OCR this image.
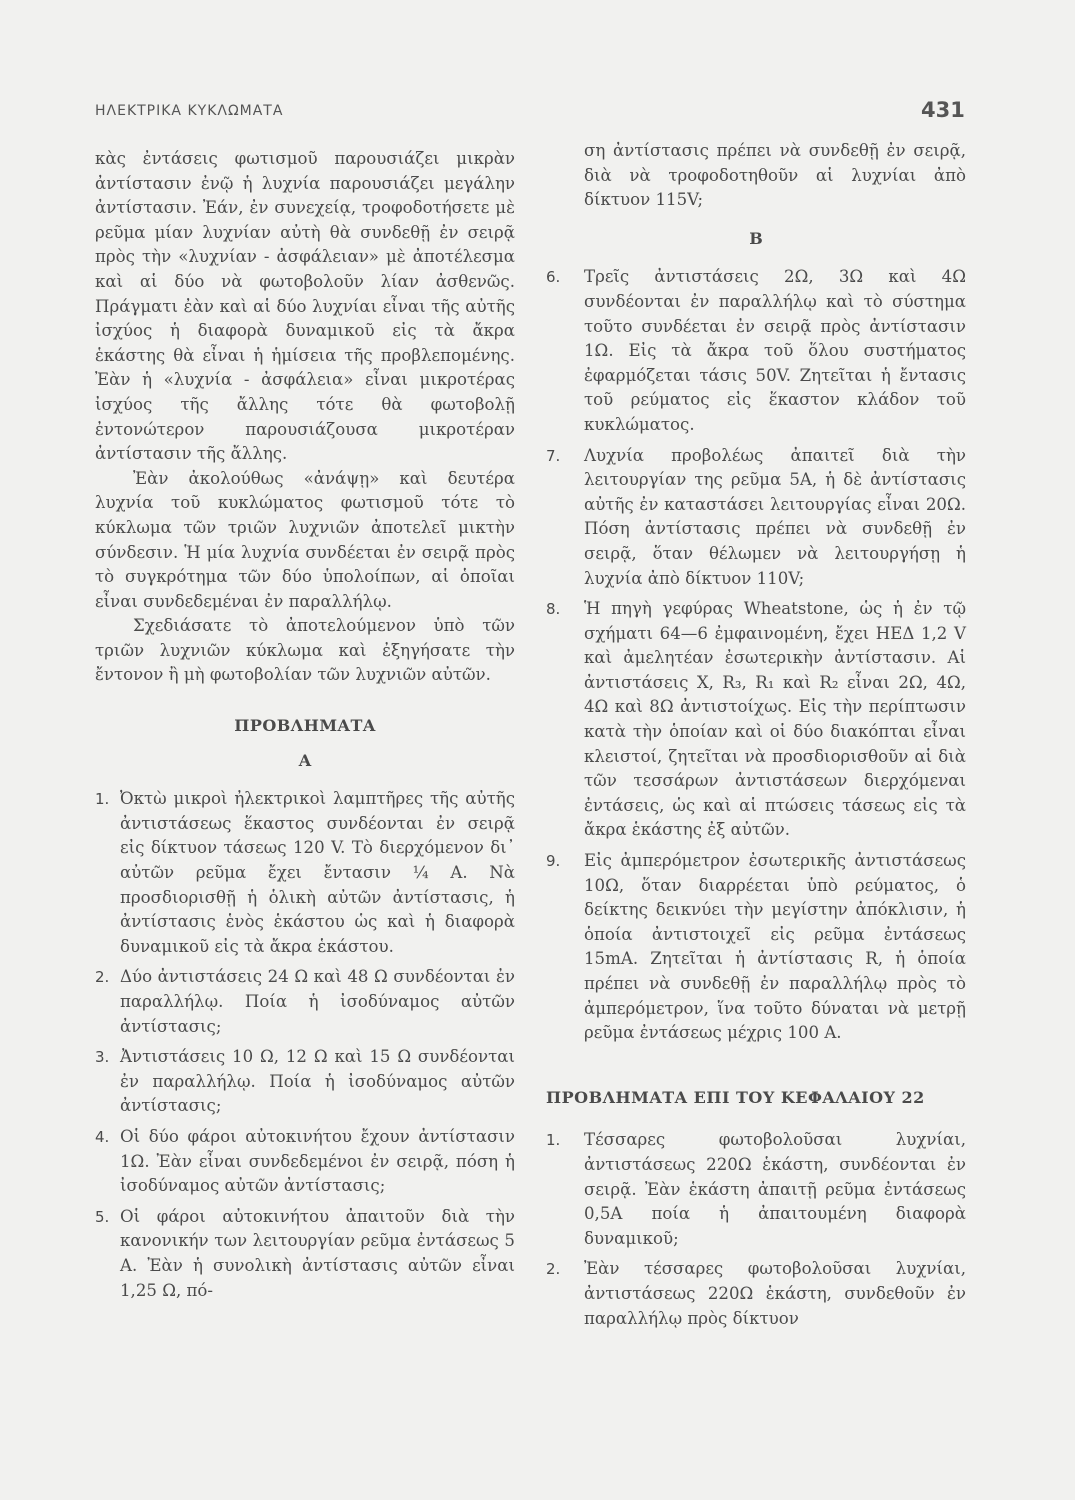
ΗΛΕΚΤΡΙΚΑ ΚΥΚΛΩΜΑΤΑ	431

κὰς ἐντάσεις φωτισμοῦ παρουσιάζει μικρὰν ἀντίστασιν ἐνῷ ἡ λυχνία παρουσιάζει μεγάλην ἀντίστασιν. Ἐάν, ἐν συνεχείᾳ, τροφοδοτήσετε μὲ ρεῦμα μίαν λυχνίαν αὐτὴ θὰ συνδεθῇ ἐν σειρᾷ πρὸς τὴν «λυχνίαν - ἀσφάλειαν» μὲ ἀποτέλεσμα καὶ αἱ δύο νὰ φωτοβολοῦν λίαν ἀσθενῶς. Πράγματι ἐὰν καὶ αἱ δύο λυχνίαι εἶναι τῆς αὐτῆς ἰσχύος ἡ διαφορὰ δυναμικοῦ εἰς τὰ ἄκρα ἑκάστης θὰ εἶναι ἡ ἡμίσεια τῆς προβλεπομένης. Ἐὰν ἡ «λυχνία - ἀσφάλεια» εἶναι μικροτέρας ἰσχύος τῆς ἄλλης τότε θὰ φωτοβολῇ ἐντονώτερον παρουσιάζουσα μικροτέραν ἀντίστασιν τῆς ἄλλης.

Ἐὰν ἀκολούθως «ἀνάψῃ» καὶ δευτέρα λυχνία τοῦ κυκλώματος φωτισμοῦ τότε τὸ κύκλωμα τῶν τριῶν λυχνιῶν ἀποτελεῖ μικτὴν σύνδεσιν. Ἡ μία λυχνία συνδέεται ἐν σειρᾷ πρὸς τὸ συγκρότημα τῶν δύο ὑπολοίπων, αἱ ὁποῖαι εἶναι συνδεδεμέναι ἐν παραλλήλῳ.

Σχεδιάσατε τὸ ἀποτελούμενον ὑπὸ τῶν τριῶν λυχνιῶν κύκλωμα καὶ ἐξηγήσατε τὴν ἔντονον ἢ μὴ φωτοβολίαν τῶν λυχνιῶν αὐτῶν.

ΠΡΟΒΛΗΜΑΤΑ

Α

1. Ὀκτὼ μικροὶ ἠλεκτρικοὶ λαμπτῆρες τῆς αὐτῆς ἀντιστάσεως ἕκαστος συνδέονται ἐν σειρᾷ εἰς δίκτυον τάσεως 120 V. Τὸ διερχόμενον δι᾿ αὐτῶν ρεῦμα ἔχει ἔντασιν ¼ Α. Νὰ προσδιορισθῇ ἡ ὁλικὴ αὐτῶν ἀντίστασις, ἡ ἀντίστασις ἑνὸς ἑκάστου ὡς καὶ ἡ διαφορὰ δυναμικοῦ εἰς τὰ ἄκρα ἑκάστου.
2. Δύο ἀντιστάσεις 24 Ω καὶ 48 Ω συνδέονται ἐν παραλλήλῳ. Ποία ἡ ἰσοδύναμος αὐτῶν ἀντίστασις;
3. Ἀντιστάσεις 10 Ω, 12 Ω καὶ 15 Ω συνδέονται ἐν παραλλήλῳ. Ποία ἡ ἰσοδύναμος αὐτῶν ἀντίστασις;
4. Οἱ δύο φάροι αὐτοκινήτου ἔχουν ἀντίστασιν 1Ω. Ἐὰν εἶναι συνδεδεμένοι ἐν σειρᾷ, πόση ἡ ἰσοδύναμος αὐτῶν ἀντίστασις;
5. Οἱ φάροι αὐτοκινήτου ἀπαιτοῦν διὰ τὴν κανονικήν των λειτουργίαν ρεῦμα ἐντάσεως 5 Α. Ἐὰν ἡ συνολικὴ ἀντίστασις αὐτῶν εἶναι 1,25 Ω, πό-

ση ἀντίστασις πρέπει νὰ συνδεθῇ ἐν σειρᾷ, διὰ νὰ τροφοδοτηθοῦν αἱ λυχνίαι ἀπὸ δίκτυον 115V;

Β

6.	Τρεῖς ἀντιστάσεις 2Ω, 3Ω καὶ 4Ω συνδέονται ἐν παραλλήλῳ καὶ τὸ σύστημα τοῦτο συνδέεται ἐν σειρᾷ πρὸς ἀντίστασιν 1Ω. Εἰς τὰ ἄκρα τοῦ ὅλου συστήματος ἐφαρμόζεται τάσις 50V. Ζητεῖται ἡ ἔντασις τοῦ ρεύματος εἰς ἕκαστον κλάδον τοῦ κυκλώματος.
7.	Λυχνία προβολέως ἀπαιτεῖ διὰ τὴν λειτουργίαν της ρεῦμα 5Α, ἡ δὲ ἀντίστασις αὐτῆς ἐν καταστάσει λειτουργίας εἶναι 20Ω. Πόση ἀντίστασις πρέπει νὰ συνδεθῇ ἐν σειρᾷ, ὅταν θέλωμεν νὰ λειτουργήσῃ ἡ λυχνία ἀπὸ δίκτυον 110V;
8.	Ἡ πηγὴ γεφύρας Wheatstone, ὡς ἡ ἐν τῷ σχήματι 64—6 ἐμφαινομένη, ἔχει ΗΕΔ 1,2 V καὶ ἀμελητέαν ἐσωτερικὴν ἀντίστασιν. Αἱ ἀντιστάσεις Χ, R₃, R₁ καὶ R₂ εἶναι 2Ω, 4Ω, 4Ω καὶ 8Ω ἀντιστοίχως. Εἰς τὴν περίπτωσιν κατὰ τὴν ὁποίαν καὶ οἱ δύο διακόπται εἶναι κλειστοί, ζητεῖται νὰ προσδιορισθοῦν αἱ διὰ τῶν τεσσάρων ἀντιστάσεων διερχόμεναι ἐντάσεις, ὡς καὶ αἱ πτώσεις τάσεως εἰς τὰ ἄκρα ἑκάστης ἐξ αὐτῶν.
9.	Εἰς ἀμπερόμετρον ἐσωτερικῆς ἀντιστάσεως 10Ω, ὅταν διαρρέεται ὑπὸ ρεύματος, ὁ δείκτης δεικνύει τὴν μεγίστην ἀπόκλισιν, ἡ ὁποία ἀντιστοιχεῖ εἰς ρεῦμα ἐντάσεως 15mA. Ζητεῖται ἡ ἀντίστασις R, ἡ ὁποία πρέπει νὰ συνδεθῇ ἐν παραλλήλῳ πρὸς τὸ ἀμπερόμετρον, ἵνα τοῦτο δύναται νὰ μετρῇ ρεῦμα ἐντάσεως μέχρις 100 Α.

ΠΡΟΒΛΗΜΑΤΑ ΕΠΙ ΤΟΥ ΚΕΦΑΛΑΙΟΥ 22

1.	Τέσσαρες φωτοβολοῦσαι λυχνίαι, ἀντιστάσεως 220Ω ἑκάστη, συνδέονται ἐν σειρᾷ. Ἐὰν ἑκάστη ἀπαιτῇ ρεῦμα ἐντάσεως 0,5Α ποία ἡ ἀπαιτουμένη διαφορὰ δυναμικοῦ;
2.	Ἐὰν τέσσαρες φωτοβολοῦσαι λυχνίαι, ἀντιστάσεως 220Ω ἑκάστη, συνδεθοῦν ἐν παραλλήλῳ πρὸς δίκτυον
